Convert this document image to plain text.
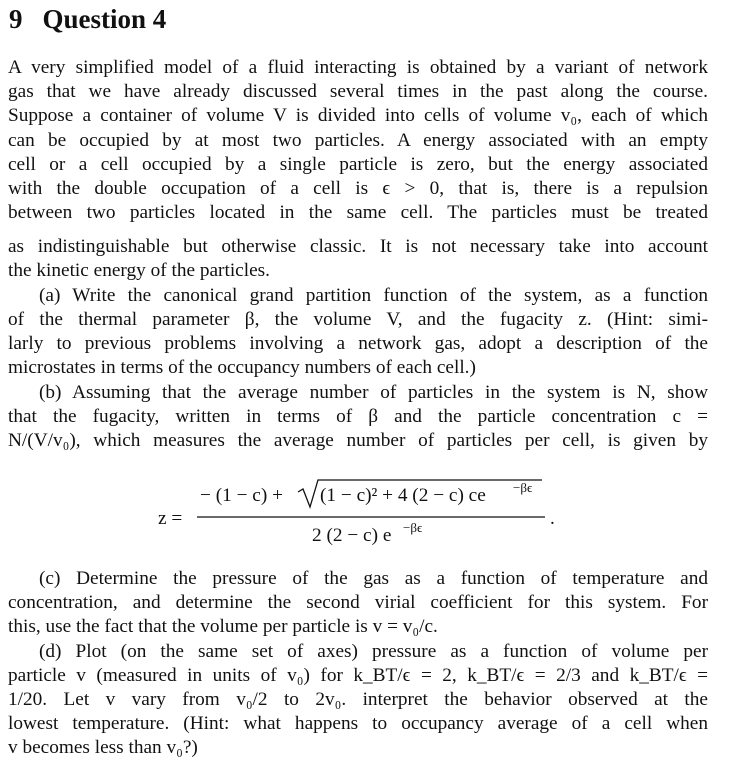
9 Question 4
A very simplified model of a fluid interacting is obtained by a variant of network
gas that we have already discussed several times in the past along the course.
Suppose a container of volume V is divided into cells of volume v₀, each of which
can be occupied by at most two particles. A energy associated with an empty
cell or a cell occupied by a single particle is zero, but the energy associated
with the double occupation of a cell is ϵ > 0, that is, there is a repulsion
between two particles located in the same cell. The particles must be treated
as indistinguishable but otherwise classic. It is not necessary take into account
the kinetic energy of the particles.
(a) Write the canonical grand partition function of the system, as a function
of the thermal parameter β, the volume V, and the fugacity z. (Hint: simi-
larly to previous problems involving a network gas, adopt a description of the
microstates in terms of the occupancy numbers of each cell.)
(b) Assuming that the average number of particles in the system is N, show
that the fugacity, written in terms of β and the particle concentration c =
N/(V/v₀), which measures the average number of particles per cell, is given by
z =
− (1 − c) + (1 − c)² + 4 (2 − c) ce −βϵ
2 (2 − c) e −βϵ	.
(c) Determine the pressure of the gas as a function of temperature and
concentration, and determine the second virial coefficient for this system. For
this, use the fact that the volume per particle is v = v₀/c.
(d) Plot (on the same set of axes) pressure as a function of volume per
particle v (measured in units of v₀) for k_BT/ϵ = 2, k_BT/ϵ = 2/3 and k_BT/ϵ =
1/20. Let v vary from v₀/2 to 2v₀. interpret the behavior observed at the
lowest temperature. (Hint: what happens to occupancy average of a cell when
v becomes less than v₀?)
